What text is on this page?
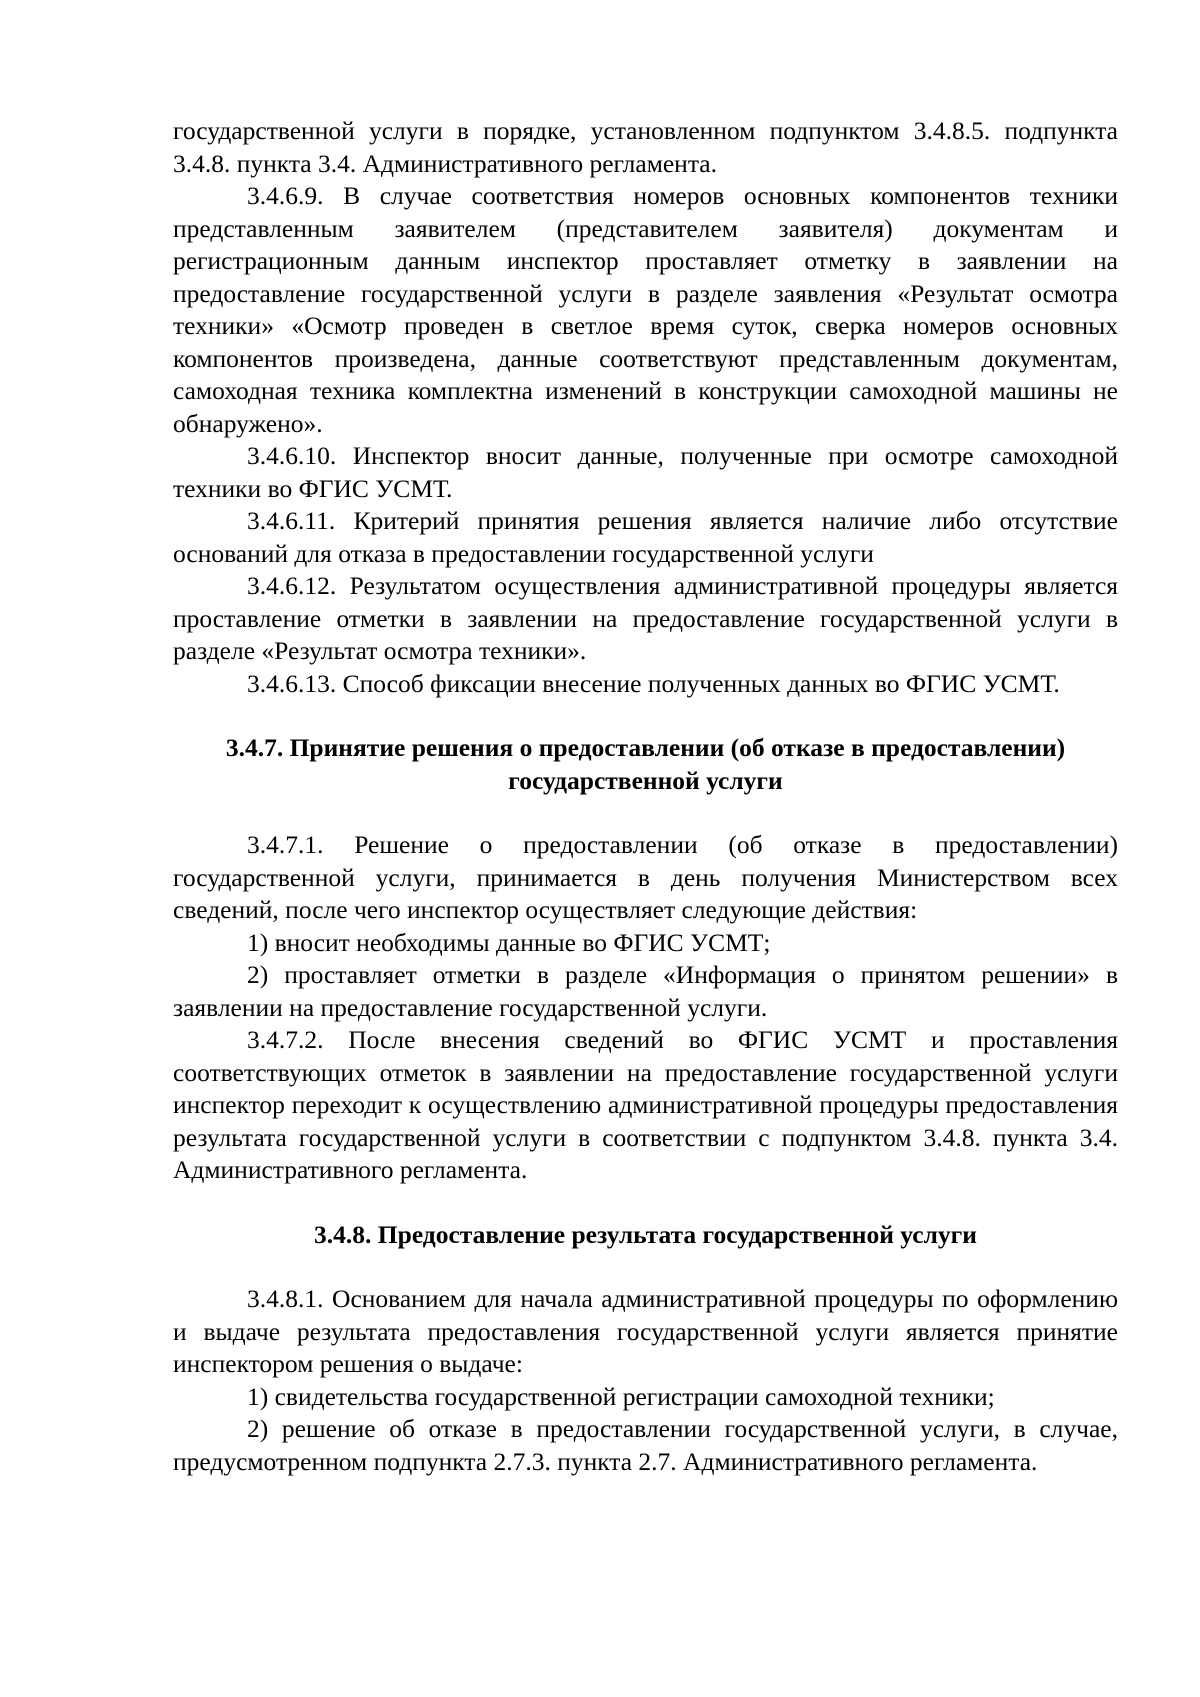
государственной услуги в порядке, установленном подпунктом 3.4.8.5. подпункта 3.4.8. пункта 3.4. Административного регламента.

3.4.6.9. В случае соответствия номеров основных компонентов техники представленным заявителем (представителем заявителя) документам и регистрационным данным инспектор проставляет отметку в заявлении на предоставление государственной услуги в разделе заявления «Результат осмотра техники» «Осмотр проведен в светлое время суток, сверка номеров основных компонентов произведена, данные соответствуют представленным документам, самоходная техника комплектна изменений в конструкции самоходной машины не обнаружено».

3.4.6.10. Инспектор вносит данные, полученные при осмотре самоходной техники во ФГИС УСМТ.

3.4.6.11. Критерий принятия решения является наличие либо отсутствие оснований для отказа в предоставлении государственной услуги

3.4.6.12. Результатом осуществления административной процедуры является проставление отметки в заявлении на предоставление государственной услуги в разделе «Результат осмотра техники».

3.4.6.13. Способ фиксации внесение полученных данных во ФГИС УСМТ.

3.4.7. Принятие решения о предоставлении (об отказе в предоставлении)
государственной услуги

3.4.7.1. Решение о предоставлении (об отказе в предоставлении) государственной услуги, принимается в день получения Министерством всех сведений, после чего инспектор осуществляет следующие действия:

1) вносит необходимы данные во ФГИС УСМТ;

2) проставляет отметки в разделе «Информация о принятом решении» в заявлении на предоставление государственной услуги.

3.4.7.2. После внесения сведений во ФГИС УСМТ и проставления соответствующих отметок в заявлении на предоставление государственной услуги инспектор переходит к осуществлению административной процедуры предоставления результата государственной услуги в соответствии с подпунктом 3.4.8. пункта 3.4. Административного регламента.

3.4.8. Предоставление результата государственной услуги

3.4.8.1. Основанием для начала административной процедуры по оформлению и выдаче результата предоставления государственной услуги является принятие инспектором решения о выдаче:

1) свидетельства государственной регистрации самоходной техники;

2) решение об отказе в предоставлении государственной услуги, в случае, предусмотренном подпункта 2.7.3. пункта 2.7. Административного регламента.
